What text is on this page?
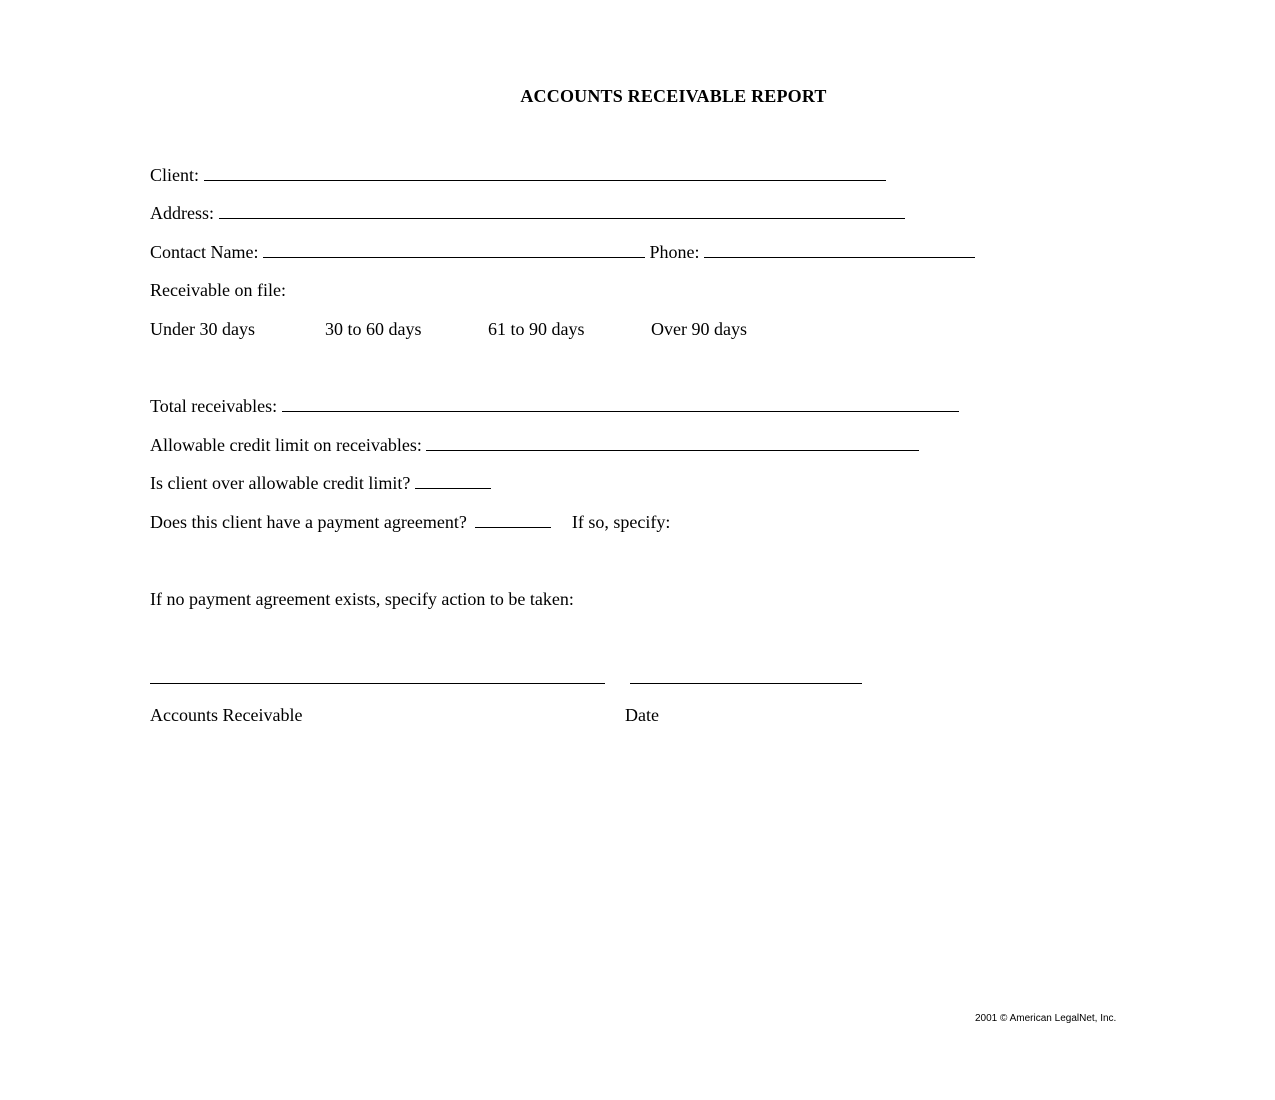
ACCOUNTS RECEIVABLE REPORT
Client:
Address:
Contact Name:	Phone:
Receivable on file:
Under 30 days	30 to 60 days	61 to 90 days	Over 90 days
Total receivables:
Allowable credit limit on receivables:
Is client over allowable credit limit?
Does this client have a payment agreement?	If so, specify:
If no payment agreement exists, specify action to be taken:
Accounts Receivable	Date
2001 © American LegalNet, Inc.
